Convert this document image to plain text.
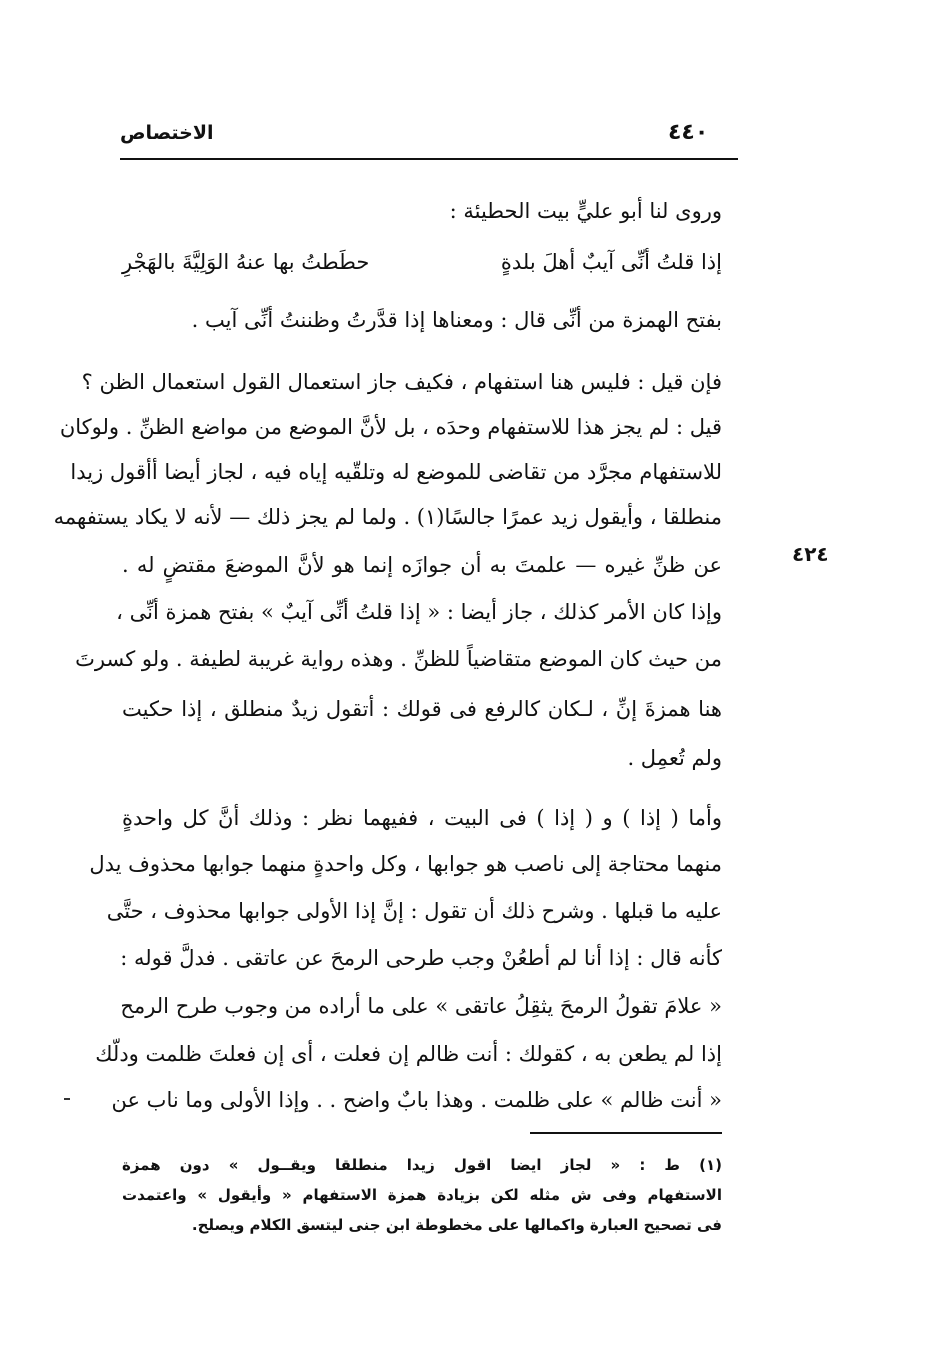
الاختصاص	٤٤٠
٤٢٤
وروى لنا أبو عليٍّ بيت الحطيئة :
إذا قلتُ أنِّى آيبٌ أهلَ بلدةٍ
حطَطتُ بها عنهُ الوَلِيَّةَ بالهَجْرِ
بفتح الهمزة من أنِّى قال : ومعناها إذا قدَّرتُ وظننتُ أنِّى آيب .
فإن قيل : فليس هنا استفهام ، فكيف جاز استعمال القول استعمال الظن ؟
قيل : لم يجز هذا للاستفهام وحدَه ، بل لأنَّ الموضع من مواضع الظنِّ . ولوكان
للاستفهام مجرَّد من تقاضى للموضع له وتلقّيه إياه فيه ، لجاز أيضا أأقول زيدا
منطلقا ، وأيقول زيد عمرًا جالسًا(١) . ولما لم يجز ذلك — لأنه لا يكاد يستفهمه
عن ظنِّ غيره — علمتَ به أن جوازَه إنما هو لأنَّ الموضعَ مقتضٍ له .
وإذا كان الأمر كذلك ، جاز أيضا : « إذا قلتُ أنِّى آيبٌ » بفتح همزة أنِّى ،
من حيث كان الموضع متقاضياً للظنِّ . وهذه رواية غريبة لطيفة . ولو كسرتَ
هنا همزةَ إنِّ ، لـكان كالرفع فى قولك : أتقول زيدٌ منطلق ، إذا حكيت
ولم تُعمِل .
وأما ( إذا ) و ( إذا ) فى البيت ، ففيهما نظر : وذلك أنَّ كل واحدةٍ
منهما محتاجة إلى ناصب هو جوابها ، وكل واحدةٍ منهما جوابها محذوف يدل
عليه ما قبلها . وشرح ذلك أن تقول : إنَّ إذا الأولى جوابها محذوف ، حتَّى
كأنه قال : إذا أنا لم أطعُنْ وجب طرحى الرمحَ عن عاتقى . فدلَّ قوله :
« علامَ تقولُ الرمحَ يثقِلُ عاتقى » على ما أراده من وجوب طرح الرمح
إذا لم يطعن به ، كقولك : أنت ظالم إن فعلت ، أى إن فعلتَ ظلمت ودلّك
« أنت ظالم » على ظلمت . وهذا بابٌ واضح . . وإذا الأولى وما ناب عن
(١) ط : « لجاز ايضا اقول زيدا منطلقا ويقــول » دون همزة
الاستفهام وفى ش مثله لكن بزيادة همزة الاستفهام « وأيقول » واعتمدت
فى تصحيح العبارة واكمالها على مخطوطة ابن جنى ليتسق الكلام ويصلح.
